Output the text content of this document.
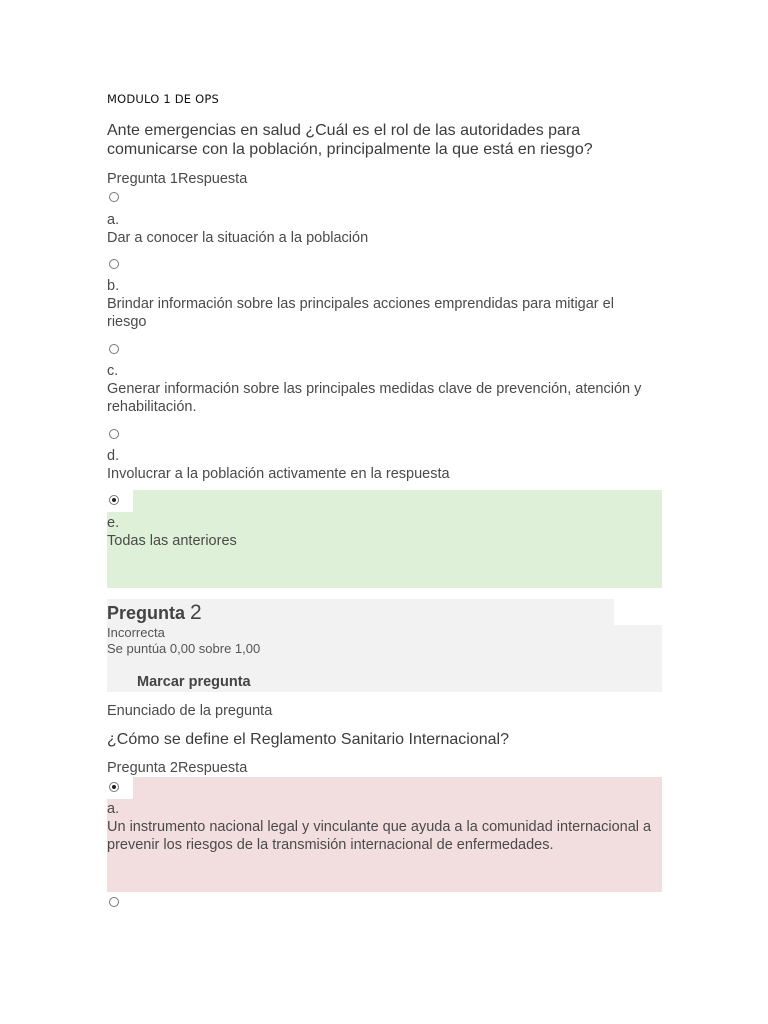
MODULO 1 DE OPS
Ante emergencias en salud ¿Cuál es el rol de las autoridades para comunicarse con la población, principalmente la que está en riesgo?
Pregunta 1Respuesta
a.
Dar a conocer la situación a la población
b.
Brindar información sobre las principales acciones emprendidas para mitigar el riesgo
c.
Generar información sobre las principales medidas clave de prevención, atención y rehabilitación.
d.
Involucrar a la población activamente en la respuesta
e.
Todas las anteriores
Pregunta 2
Incorrecta
Se puntúa 0,00 sobre 1,00
Marcar pregunta
Enunciado de la pregunta
¿Cómo se define el Reglamento Sanitario Internacional?
Pregunta 2Respuesta
a.
Un instrumento nacional legal y vinculante que ayuda a la comunidad internacional a prevenir los riesgos de la transmisión internacional de enfermedades.
